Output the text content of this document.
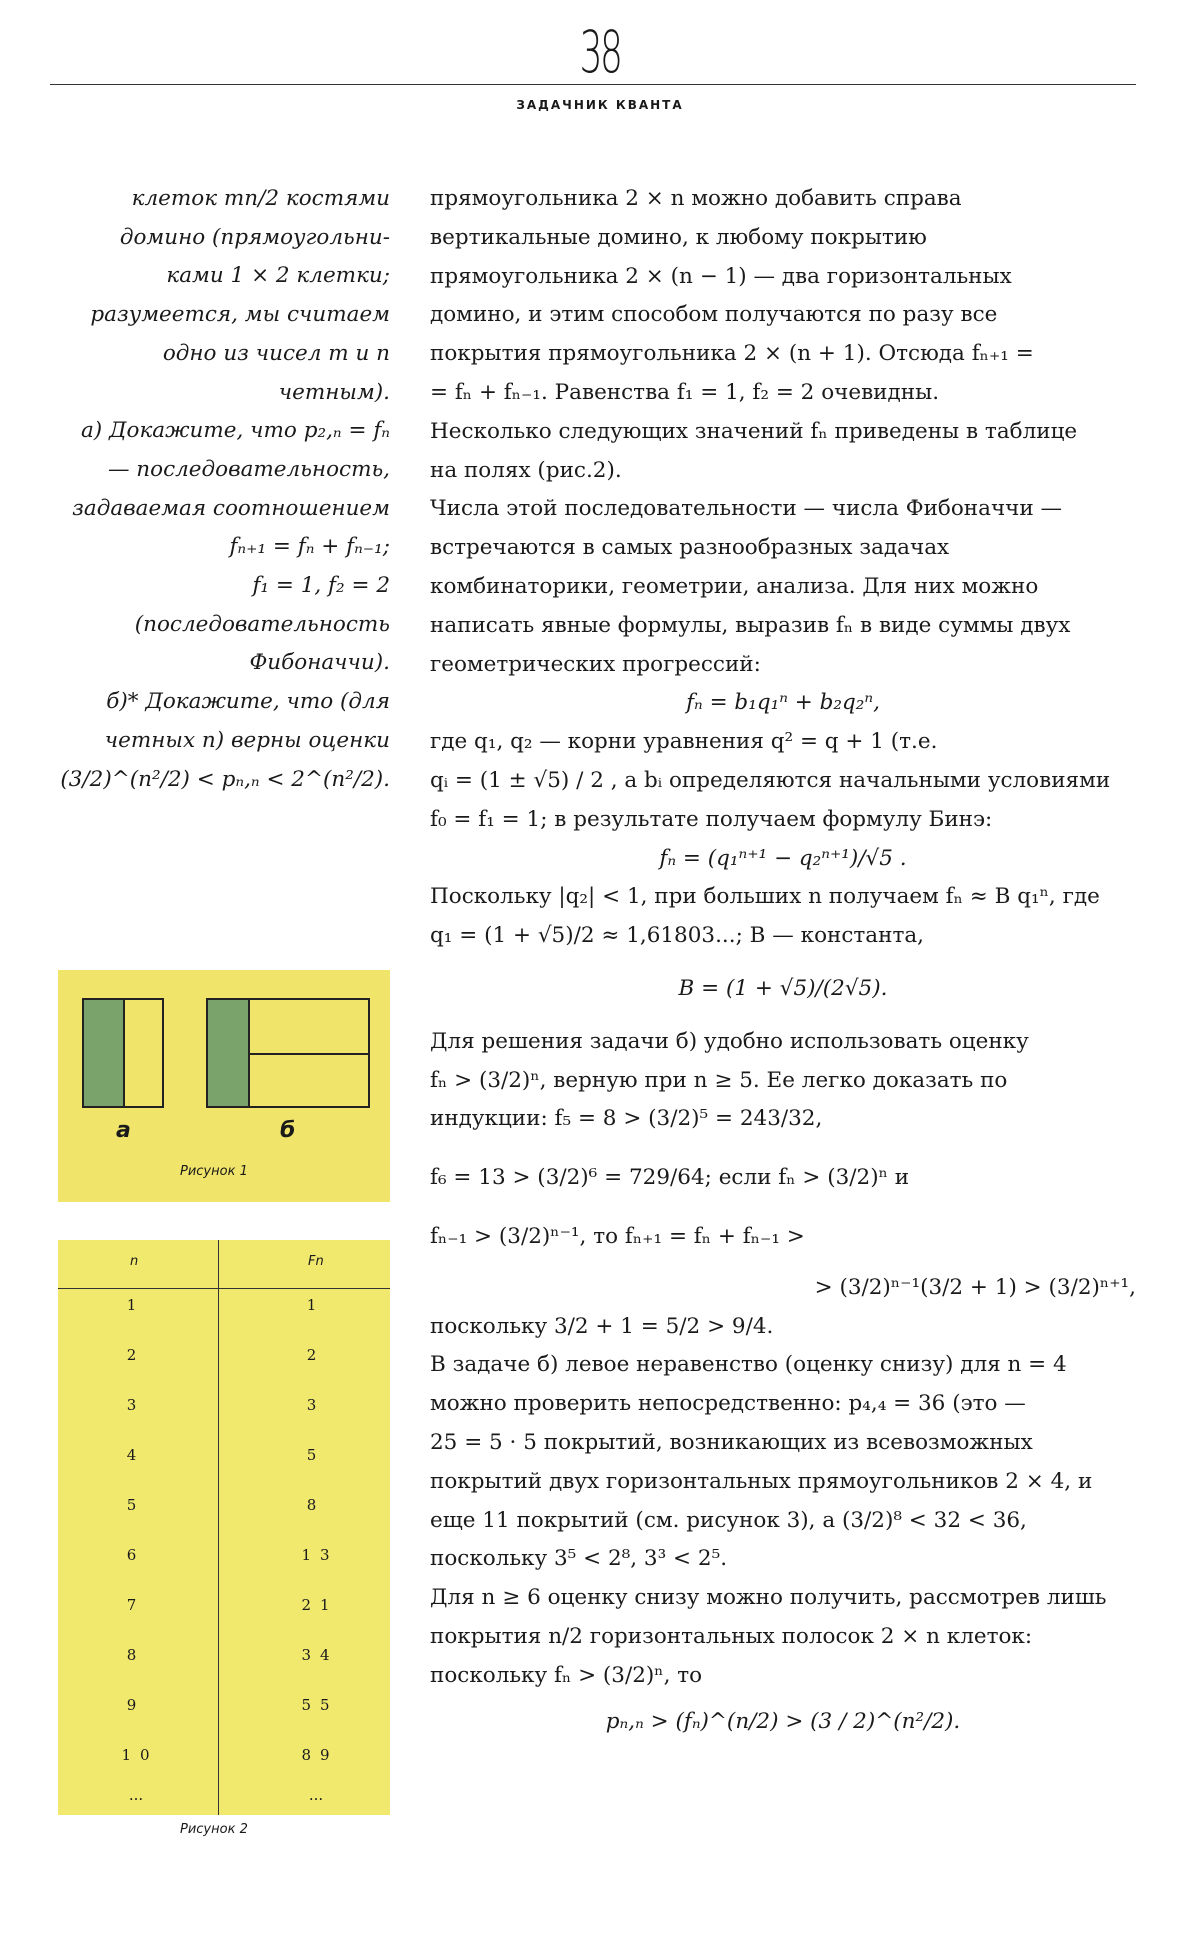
38
ЗАДАЧНИК КВАНТА

клеток mn/2 костями

домино (прямоугольни-

ками 1 × 2 клетки;

разумеется, мы считаем

одно из чисел m и n

четным).

а) Докажите, что p₂,ₙ = fₙ

— последовательность,

задаваемая соотношением

fₙ₊₁ = fₙ + fₙ₋₁;

f₁ = 1, f₂ = 2

(последовательность

Фибоначчи).

б)* Докажите, что (для

четных n) верны оценки

(3/2)^(n²/2) < pₙ,ₙ < 2^(n²/2).

прямоугольника 2 × n можно добавить справа

вертикальные домино, к любому покрытию

прямоугольника 2 × (n − 1) — два горизонтальных

домино, и этим способом получаются по разу все

покрытия прямоугольника 2 × (n + 1). Отсюда fₙ₊₁ =

= fₙ + fₙ₋₁. Равенства f₁ = 1, f₂ = 2 очевидны.

Несколько следующих значений fₙ приведены в таблице

на полях (рис.2).

Числа этой последовательности — числа Фибоначчи —

встречаются в самых разнообразных задачах

комбинаторики, геометрии, анализа. Для них можно

написать явные формулы, выразив fₙ в виде суммы двух

геометрических прогрессий:

fₙ = b₁q₁ⁿ + b₂q₂ⁿ,

где q₁, q₂ — корни уравнения q² = q + 1 (т.е.

qᵢ = (1 ± √5) / 2 , а bᵢ определяются начальными условиями

f₀ = f₁ = 1; в результате получаем формулу Бинэ:

fₙ = (q₁ⁿ⁺¹ − q₂ⁿ⁺¹)/√5 .

Поскольку |q₂| < 1, при больших n получаем fₙ ≈ B q₁ⁿ, где

q₁ = (1 + √5)/2 ≈ 1,61803...; B — константа,

B = (1 + √5)/(2√5).

Для решения задачи б) удобно использовать оценку

fₙ > (3/2)ⁿ, верную при n ≥ 5. Ее легко доказать по

индукции: f₅ = 8 > (3/2)⁵ = 243/32,

f₆ = 13 > (3/2)⁶ = 729/64; если fₙ > (3/2)ⁿ и

fₙ₋₁ > (3/2)ⁿ⁻¹, то fₙ₊₁ = fₙ + fₙ₋₁ >

> (3/2)ⁿ⁻¹(3/2 + 1) > (3/2)ⁿ⁺¹,

поскольку 3/2 + 1 = 5/2 > 9/4.

В задаче б) левое неравенство (оценку снизу) для n = 4

можно проверить непосредственно: p₄,₄ = 36 (это —

25 = 5 · 5 покрытий, возникающих из всевозможных

покрытий двух горизонтальных прямоугольников 2 × 4, и

еще 11 покрытий (см. рисунок 3), а (3/2)⁸ < 32 < 36,

поскольку 3⁵ < 2⁸, 3³ < 2⁵.

Для n ≥ 6 оценку снизу можно получить, рассмотрев лишь

покрытия n/2 горизонтальных полосок 2 × n клеток:

поскольку fₙ > (3/2)ⁿ, то

pₙ,ₙ > (fₙ)^(n/2) > (3 / 2)^(n²/2).

а	б
Рисунок 1
n	Fn
1	1
2	2
3	3
4	5
5	8
6	13
7	21
8	34
9	55
10	89
...	...
Рисунок 2
